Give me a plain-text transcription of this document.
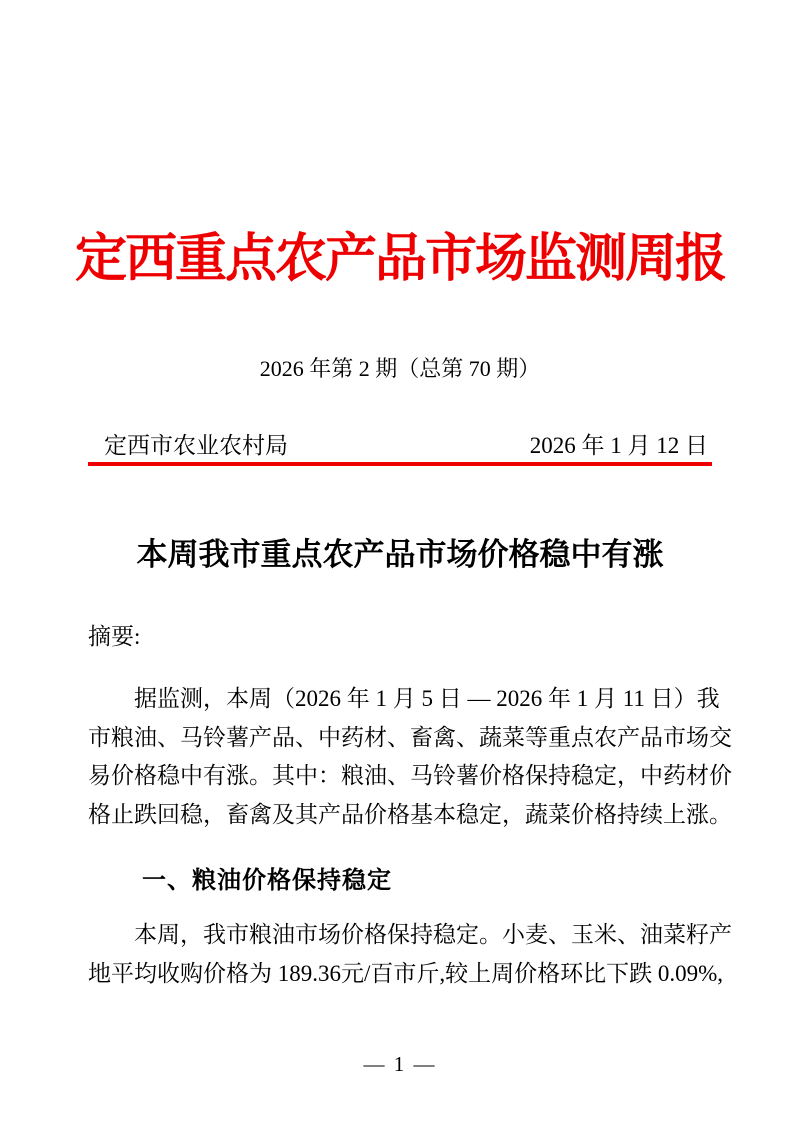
定西重点农产品市场监测周报
2026 年第 2 期（总第 70 期）
定西市农业农村局	2026 年 1 月 12 日
本周我市重点农产品市场价格稳中有涨
摘要:
据监测，本周（2026 年 1 月 5 日 — 2026 年 1 月 11 日）我
市粮油、马铃薯产品、中药材、畜禽、蔬菜等重点农产品市场交
易价格稳中有涨。其中：粮油、马铃薯价格保持稳定，中药材价
格止跌回稳，畜禽及其产品价格基本稳定，蔬菜价格持续上涨。
一、粮油价格保持稳定
本周，我市粮油市场价格保持稳定。小麦、玉米、油菜籽产
地平均收购价格为 189.36元/百市斤,较上周价格环比下跌 0.09%,
— 1 —
